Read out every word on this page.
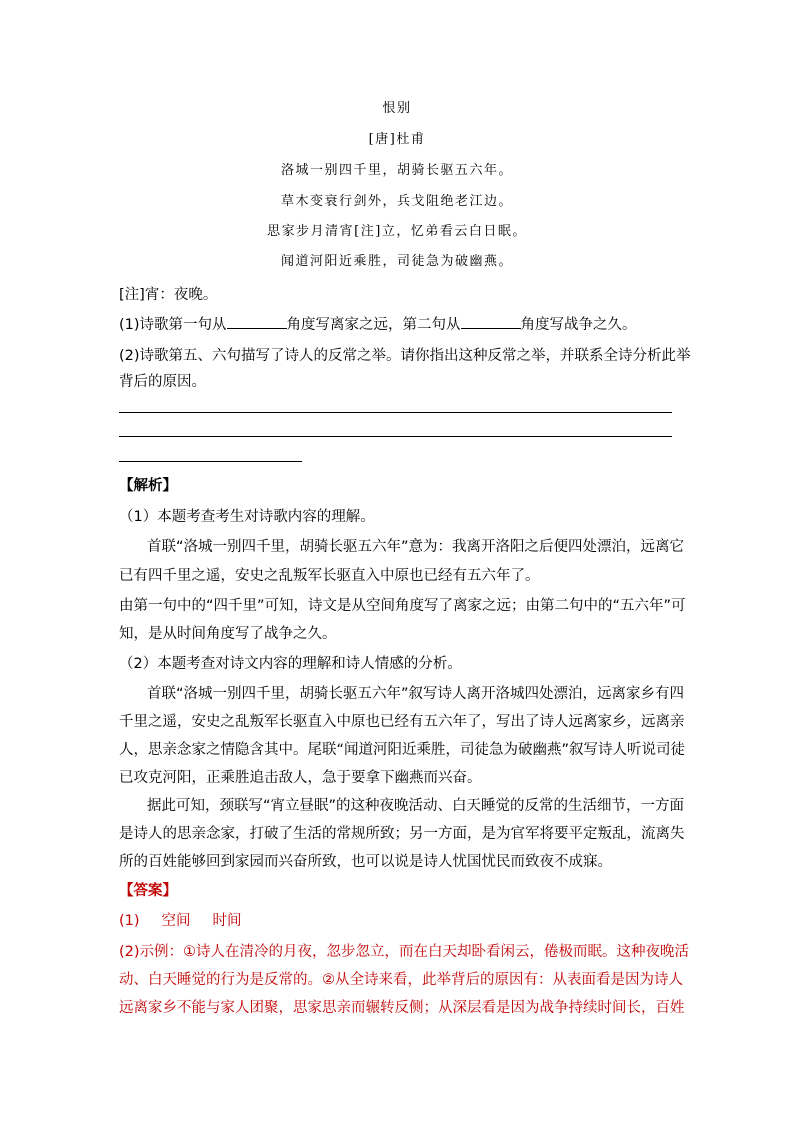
恨别
[唐]杜甫
洛城一别四千里，胡骑长驱五六年。
草木变衰行剑外，兵戈阻绝老江边。
思家步月清宵[注]立，忆弟看云白日眠。
闻道河阳近乘胜，司徒急为破幽燕。
[注]宵：夜晚。
(1)诗歌第一句从	角度写离家之远，第二句从	角度写战争之久。
(2)诗歌第五、六句描写了诗人的反常之举。请你指出这种反常之举，并联系全诗分析此举
背后的原因。
【解析】
（1）本题考查考生对诗歌内容的理解。
首联“洛城一别四千里，胡骑长驱五六年”意为：我离开洛阳之后便四处漂泊，远离它
已有四千里之遥，安史之乱叛军长驱直入中原也已经有五六年了。
由第一句中的“四千里”可知，诗文是从空间角度写了离家之远；由第二句中的“五六年”可
知，是从时间角度写了战争之久。
（2）本题考查对诗文内容的理解和诗人情感的分析。
首联“洛城一别四千里，胡骑长驱五六年”叙写诗人离开洛城四处漂泊，远离家乡有四
千里之遥，安史之乱叛军长驱直入中原也已经有五六年了，写出了诗人远离家乡，远离亲
人，思亲念家之情隐含其中。尾联“闻道河阳近乘胜，司徒急为破幽燕”叙写诗人听说司徒
已攻克河阳，正乘胜追击敌人，急于要拿下幽燕而兴奋。
据此可知，颈联写“宵立昼眠”的这种夜晚活动、白天睡觉的反常的生活细节，一方面
是诗人的思亲念家，打破了生活的常规所致；另一方面，是为官军将要平定叛乱，流离失
所的百姓能够回到家园而兴奋所致，也可以说是诗人忧国忧民而致夜不成寐。
【答案】
(1) 空间 时间
(2)示例：①诗人在清冷的月夜，忽步忽立，而在白天却卧看闲云，倦极而眠。这种夜晚活
动、白天睡觉的行为是反常的。②从全诗来看，此举背后的原因有：从表面看是因为诗人
远离家乡不能与家人团聚，思家思亲而辗转反侧；从深层看是因为战争持续时间长，百姓
